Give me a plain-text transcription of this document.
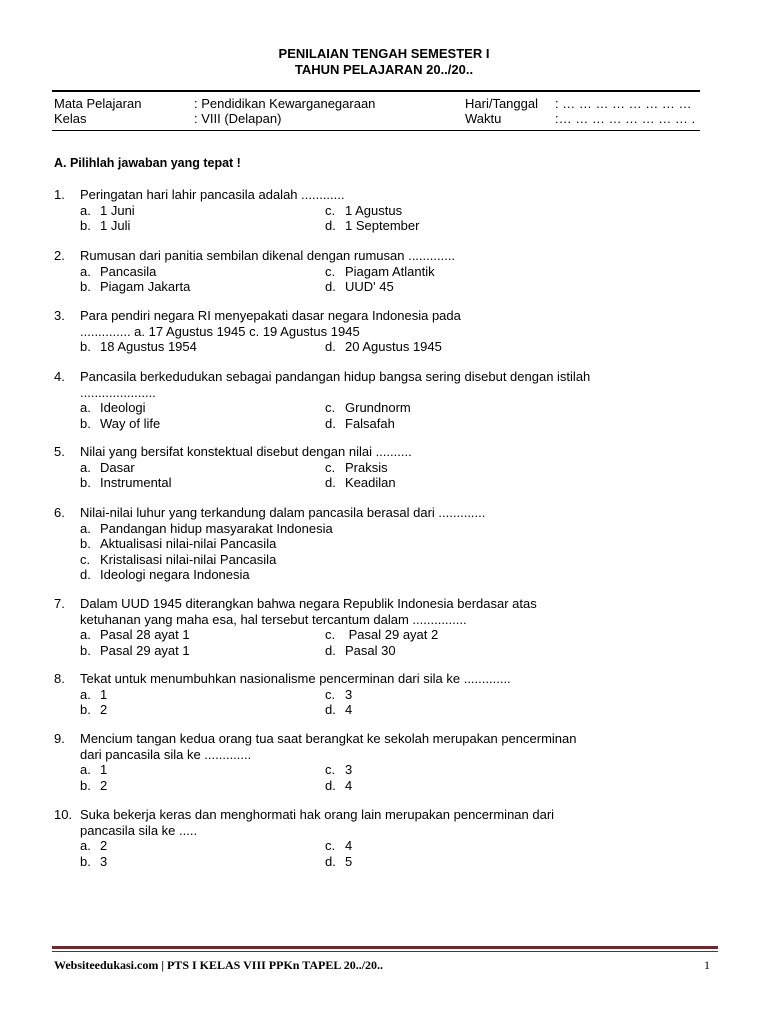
PENILAIAN TENGAH SEMESTER I
TAHUN PELAJARAN 20../20..
Mata Pelajaran	: Pendidikan Kewarganegaraan	Hari/Tanggal : … … … … … … … …
Kelas	: VIII (Delapan)	Waktu	:… … … … … … … … .
A. Pilihlah jawaban yang tepat !
1.	Peringatan hari lahir pancasila adalah ............
a. 1 Juni	c. 1 Agustus
b. 1 Juli	d. 1 September
2.	Rumusan dari panitia sembilan dikenal dengan rumusan .............
a. Pancasila	c. Piagam Atlantik
b. Piagam Jakarta	d. UUD' 45
3.	Para pendiri negara RI menyepakati dasar negara Indonesia pada
.............. a. 17 Agustus 1945 c. 19 Agustus 1945
b. 18 Agustus 1954	d. 20 Agustus 1945
4.	Pancasila berkedudukan sebagai pandangan hidup bangsa sering disebut dengan istilah
.....................
a. Ideologi	c. Grundnorm
b. Way of life	d. Falsafah
5.	Nilai yang bersifat konstektual disebut dengan nilai ..........
a. Dasar	c. Praksis
b. Instrumental	d. Keadilan
6.	Nilai-nilai luhur yang terkandung dalam pancasila berasal dari .............
a. Pandangan hidup masyarakat Indonesia
b. Aktualisasi nilai-nilai Pancasila
c. Kristalisasi nilai-nilai Pancasila
d. Ideologi negara Indonesia
7.	Dalam UUD 1945 diterangkan bahwa negara Republik Indonesia berdasar atas
ketuhanan yang maha esa, hal tersebut tercantum dalam ...............
a. Pasal 28 ayat 1	c. Pasal 29 ayat 2
b. Pasal 29 ayat 1	d. Pasal 30
8.	Tekat untuk menumbuhkan nasionalisme pencerminan dari sila ke .............
a. 1	c. 3
b. 2	d. 4
9.	Mencium tangan kedua orang tua saat berangkat ke sekolah merupakan pencerminan
dari pancasila sila ke .............
a. 1	c. 3
b. 2	d. 4
10. Suka bekerja keras dan menghormati hak orang lain merupakan pencerminan dari
pancasila sila ke .....
a. 2	c. 4
b. 3	d. 5
Websiteedukasi.com | PTS I KELAS VIII PPKn TAPEL 20../20..	1
